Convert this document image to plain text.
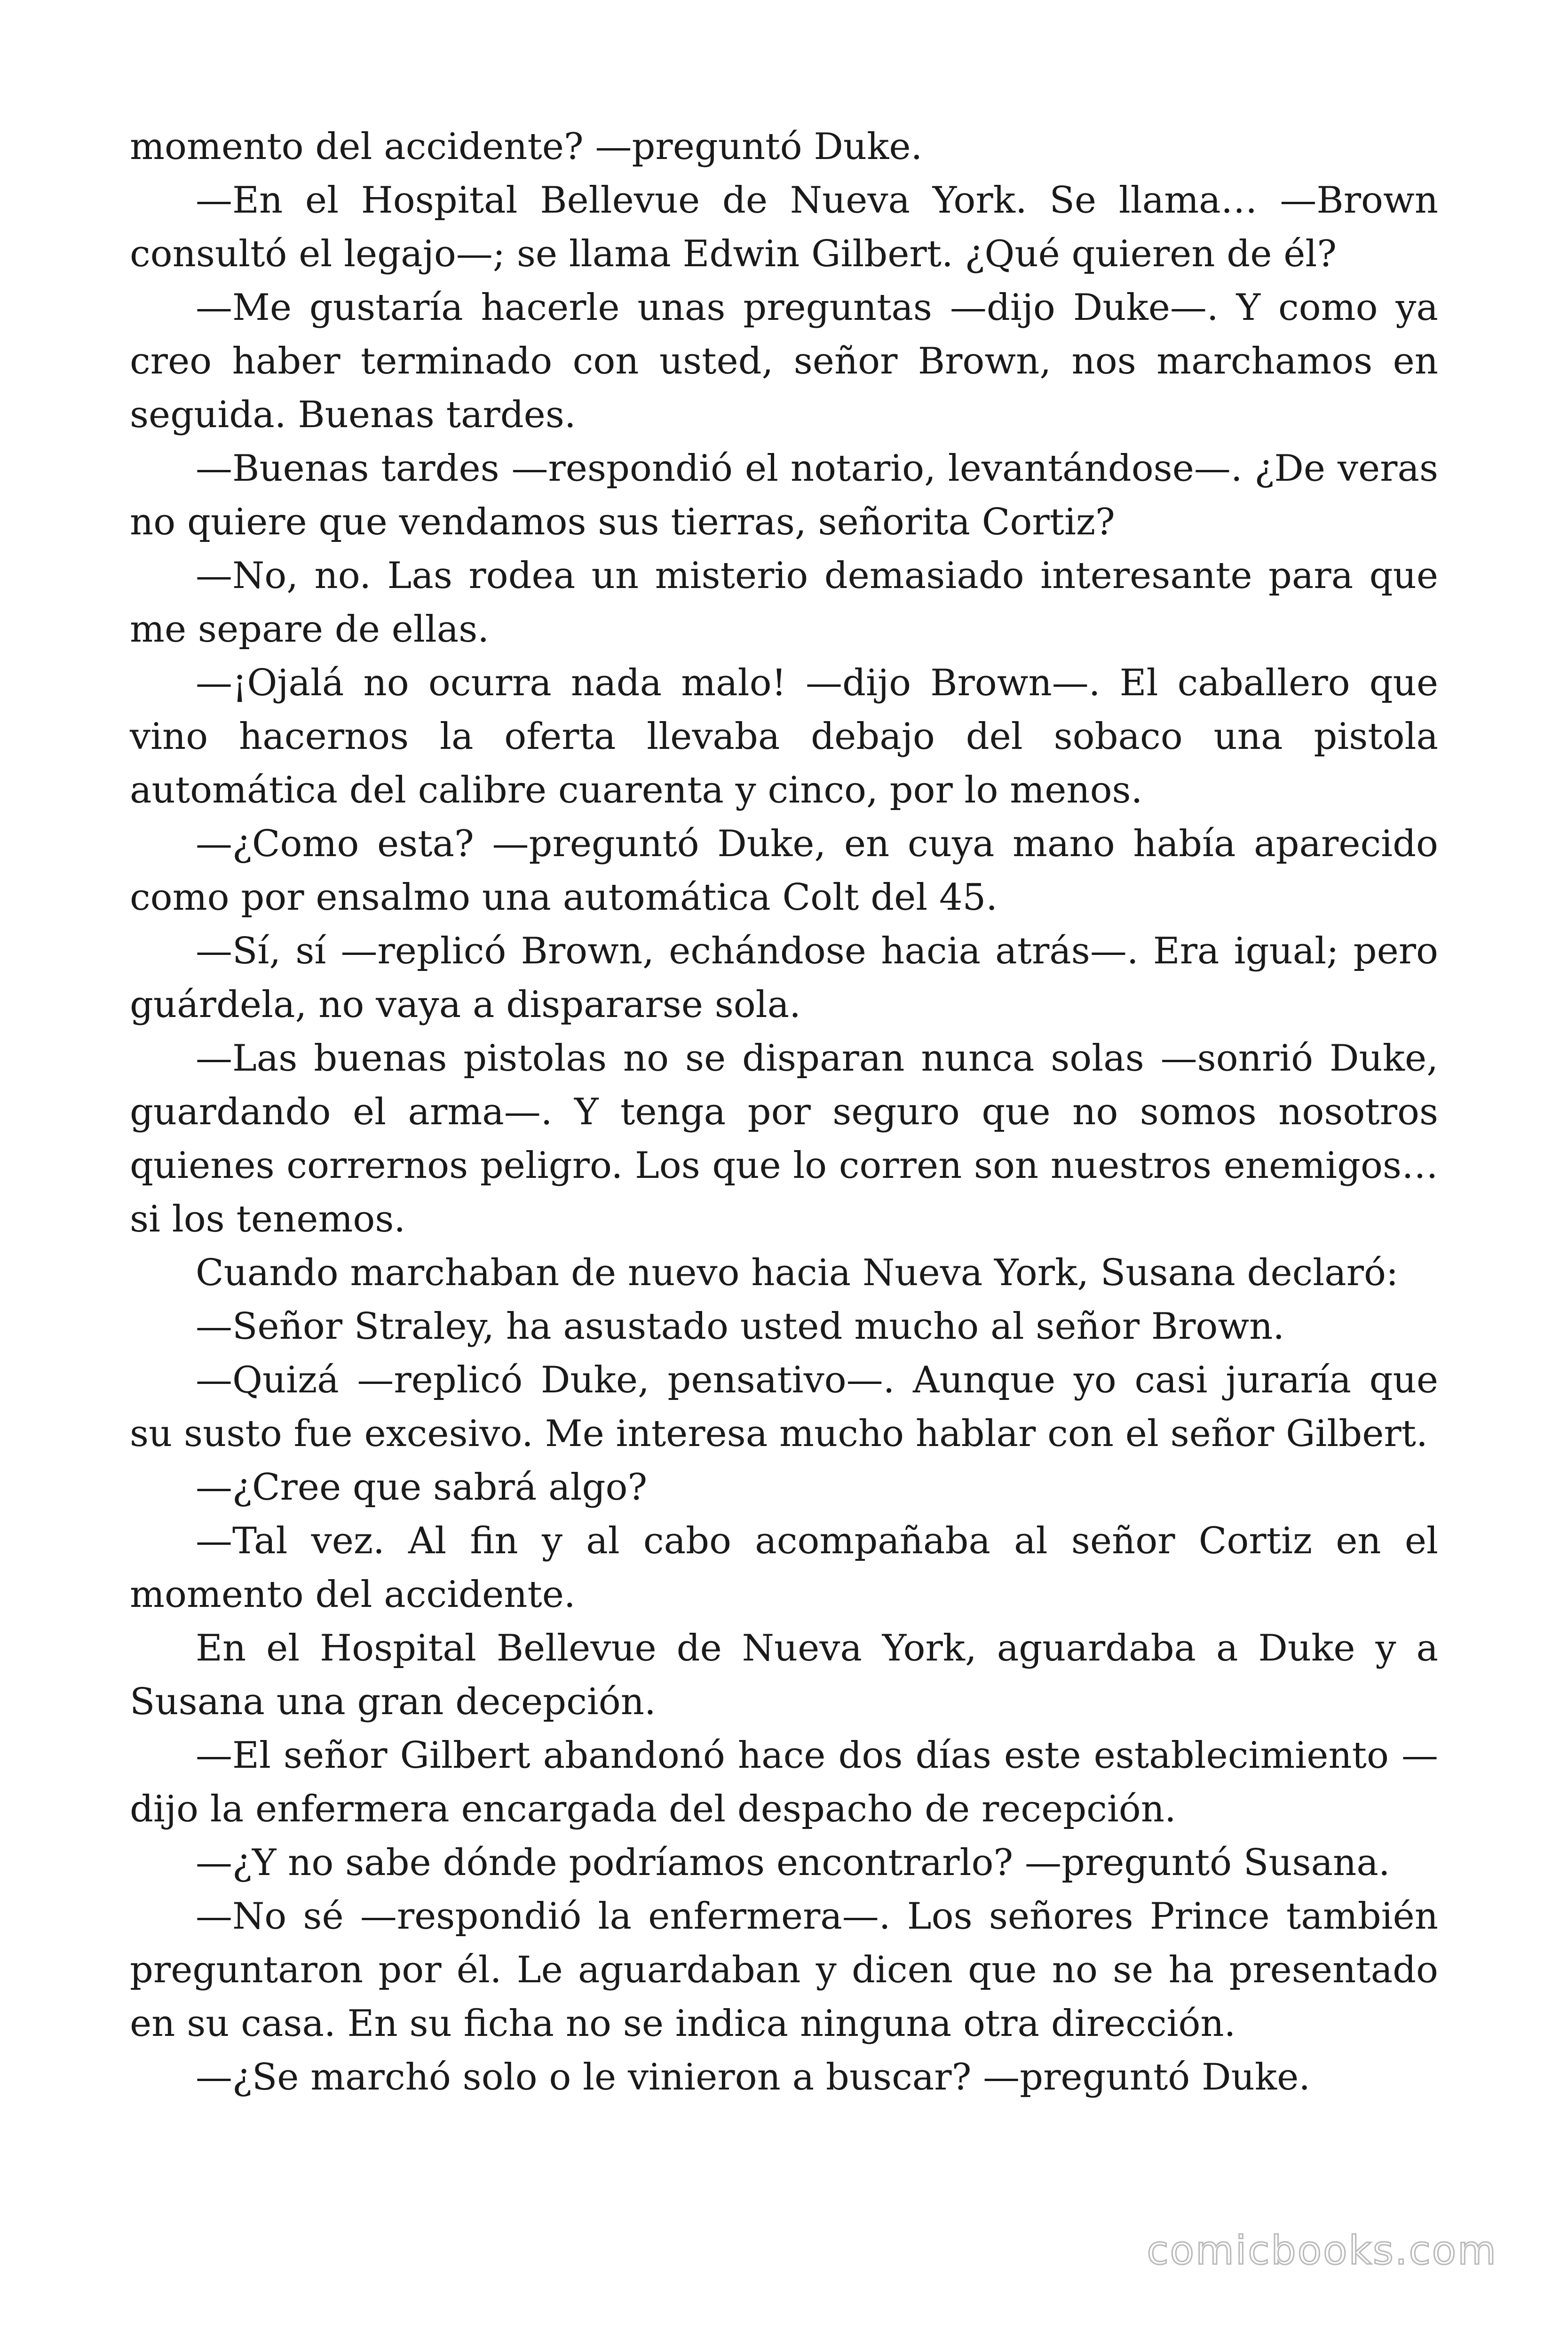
momento del accidente? —preguntó Duke.

—En el Hospital Bellevue de Nueva York. Se llama… —Brown consultó el legajo—; se llama Edwin Gilbert. ¿Qué quieren de él?

—Me gustaría hacerle unas preguntas —dijo Duke—. Y como ya creo haber terminado con usted, señor Brown, nos marchamos en seguida. Buenas tardes.

—Buenas tardes —respondió el notario, levantándose—. ¿De veras no quiere que vendamos sus tierras, señorita Cortiz?

—No, no. Las rodea un misterio demasiado interesante para que me separe de ellas.

—¡Ojalá no ocurra nada malo! —dijo Brown—. El caballero que vino hacernos la oferta llevaba debajo del sobaco una pistola automática del calibre cuarenta y cinco, por lo menos.

—¿Como esta? —preguntó Duke, en cuya mano había aparecido como por ensalmo una automática Colt del 45.

—Sí, sí —replicó Brown, echándose hacia atrás—. Era igual; pero guárdela, no vaya a dispararse sola.

—Las buenas pistolas no se disparan nunca solas —sonrió Duke, guardando el arma—. Y tenga por seguro que no somos nosotros quienes corrernos peligro. Los que lo corren son nuestros enemigos… si los tenemos.

Cuando marchaban de nuevo hacia Nueva York, Susana declaró:

—Señor Straley, ha asustado usted mucho al señor Brown.

—Quizá —replicó Duke, pensativo—. Aunque yo casi juraría que su susto fue excesivo. Me interesa mucho hablar con el señor Gilbert.

—¿Cree que sabrá algo?

—Tal vez. Al fin y al cabo acompañaba al señor Cortiz en el momento del accidente.

En el Hospital Bellevue de Nueva York, aguardaba a Duke y a Susana una gran decepción.

—El señor Gilbert abandonó hace dos días este establecimiento —dijo la enfermera encargada del despacho de recepción.

—¿Y no sabe dónde podríamos encontrarlo? —preguntó Susana.

—No sé —respondió la enfermera—. Los señores Prince también preguntaron por él. Le aguardaban y dicen que no se ha presentado en su casa. En su ficha no se indica ninguna otra dirección.

—¿Se marchó solo o le vinieron a buscar? —preguntó Duke.

comicbooks.com
